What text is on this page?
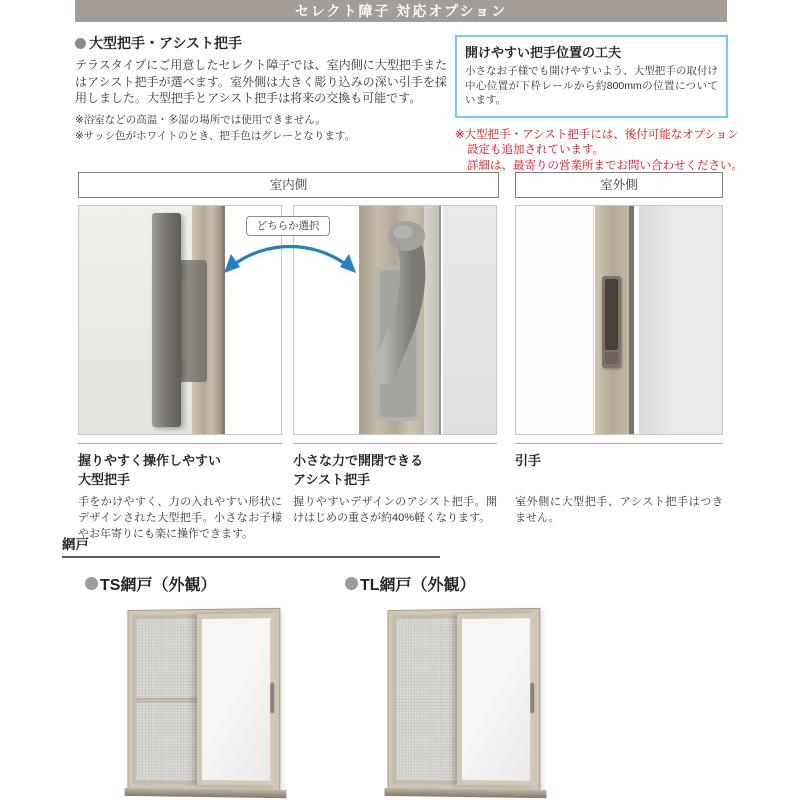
セレクト障子 対応オプション
大型把手・アシスト把手
テラスタイプにご用意したセレクト障子では、室内側に大型把手またはアシスト把手が選べます。室外側は大きく彫り込みの深い引手を採用しました。大型把手とアシスト把手は将来の交換も可能です。
※浴室などの高温・多湿の場所では使用できません。
※サッシ色がホワイトのとき、把手色はグレーとなります。
開けやすい把手位置の工夫
小さなお子様でも開けやすいよう、大型把手の取付け中心位置が下枠レールから約800mmの位置についています。
※大型把手・アシスト把手には、後付可能なオプション
設定も追加されています。
詳細は、最寄りの営業所までお問い合わせください。
室内側	室外側
どちらか選択
握りやすく操作しやすい
大型把手
手をかけやすく、力の入れやすい形状にデザインされた大型把手。小さなお子様やお年寄りにも楽に操作できます。
小さな力で開閉できる
アシスト把手
握りやすいデザインのアシスト把手。開けはじめの重さが約40%軽くなります。
引手
室外側に大型把手、アシスト把手はつきません。
網戸
TS網戸（外観）	TL網戸（外観）
